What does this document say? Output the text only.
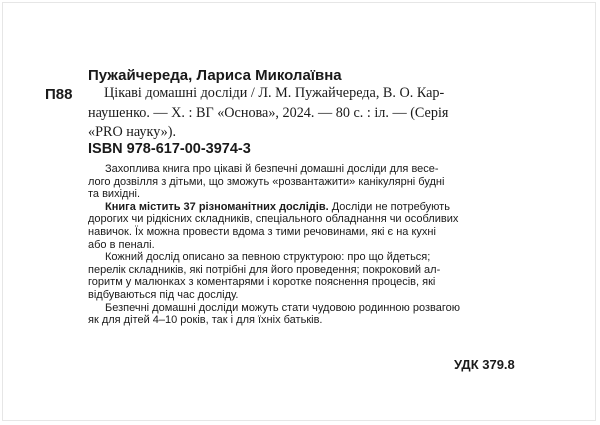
Пужайчереда, Лариса Миколаївна
П88 Цікаві домашні досліди / Л. М. Пужайчереда, В. О. Кар-
наушенко. — Х. : ВГ «Основа», 2024. — 80 с. : іл. — (Серія
«PRO науку»).
ISBN 978-617-00-3974-3
Захоплива книга про цікаві й безпечні домашні досліди для весе-
лого дозвілля з дітьми, що зможуть «розвантажити» канікулярні будні
та вихідні.
Книга містить 37 різноманітних дослідів. Досліди не потребують
дорогих чи рідкісних складників, спеціального обладнання чи особливих
навичок. Їх можна провести вдома з тими речовинами, які є на кухні
або в пеналі.
Кожний дослід описано за певною структурою: про що йдеться;
перелік складників, які потрібні для його проведення; покроковий ал-
горитм у малюнках з коментарями і коротке пояснення процесів, які
відбуваються під час досліду.
Безпечні домашні досліди можуть стати чудовою родинною розвагою
як для дітей 4–10 років, так і для їхніх батьків.
УДК 379.8
